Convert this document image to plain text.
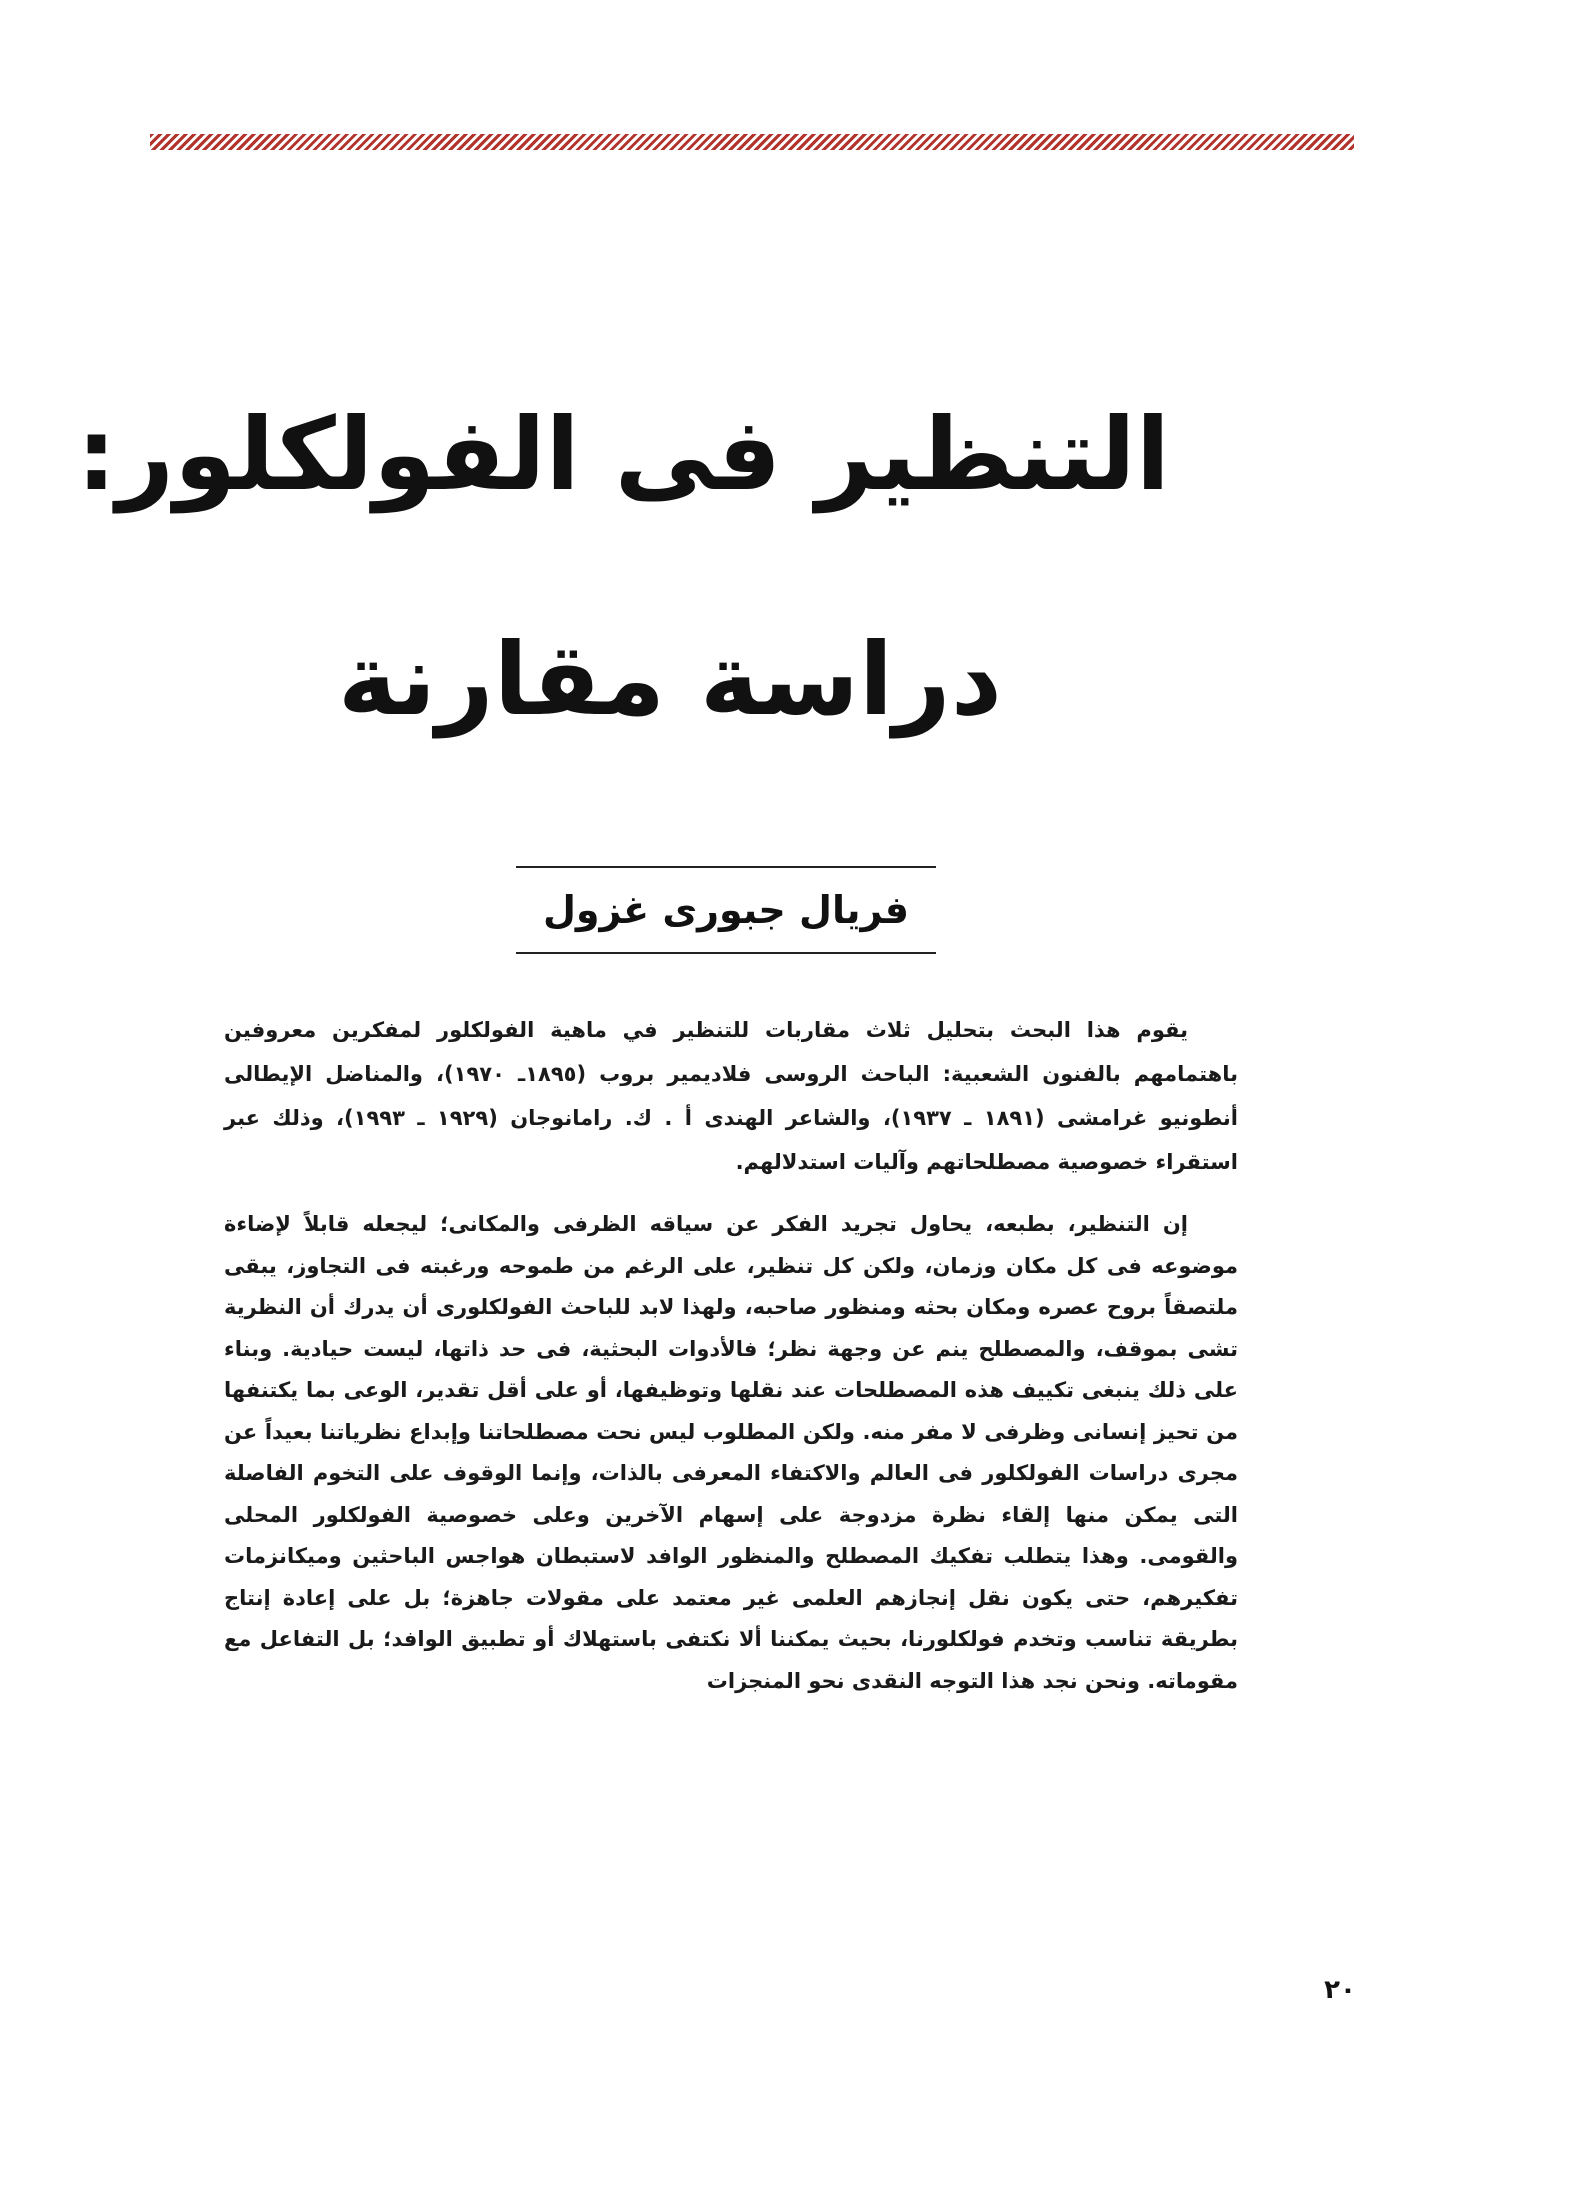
التنظير فى الفولكلور:
دراسة مقارنة
فريال جبورى غزول

يقوم هذا البحث بتحليل ثلاث مقاربات للتنظير في ماهية الفولكلور لمفكرين معروفين باهتمامهم بالفنون الشعبية: الباحث الروسى فلاديمير بروب (١٨٩٥ـ ١٩٧٠)، والمناضل الإيطالى أنطونيو غرامشى (١٨٩١ ـ ١٩٣٧)، والشاعر الهندى أ . ك. رامانوجان (١٩٢٩ ـ ١٩٩٣)، وذلك عبر استقراء خصوصية مصطلحاتهم وآليات استدلالهم.

إن التنظير، بطبعه، يحاول تجريد الفكر عن سياقه الظرفى والمكانى؛ ليجعله قابلاً لإضاءة موضوعه فى كل مكان وزمان، ولكن كل تنظير، على الرغم من طموحه ورغبته فى التجاوز، يبقى ملتصقاً بروح عصره ومكان بحثه ومنظور صاحبه، ولهذا لابد للباحث الفولكلورى أن يدرك أن النظرية تشى بموقف، والمصطلح ينم عن وجهة نظر؛ فالأدوات البحثية، فى حد ذاتها، ليست حيادية. وبناء على ذلك ينبغى تكييف هذه المصطلحات عند نقلها وتوظيفها، أو على أقل تقدير، الوعى بما يكتنفها من تحيز إنسانى وظرفى لا مفر منه. ولكن المطلوب ليس نحت مصطلحاتنا وإبداع نظرياتنا بعيداً عن مجرى دراسات الفولكلور فى العالم والاكتفاء المعرفى بالذات، وإنما الوقوف على التخوم الفاصلة التى يمكن منها إلقاء نظرة مزدوجة على إسهام الآخرين وعلى خصوصية الفولكلور المحلى والقومى. وهذا يتطلب تفكيك المصطلح والمنظور الوافد لاستبطان هواجس الباحثين وميكانزمات تفكيرهم، حتى يكون نقل إنجازهم العلمى غير معتمد على مقولات جاهزة؛ بل على إعادة إنتاج بطريقة تناسب وتخدم فولكلورنا، بحيث يمكننا ألا نكتفى باستهلاك أو تطبيق الوافد؛ بل التفاعل مع مقوماته. ونحن نجد هذا التوجه النقدى نحو المنجزات

٢٠
